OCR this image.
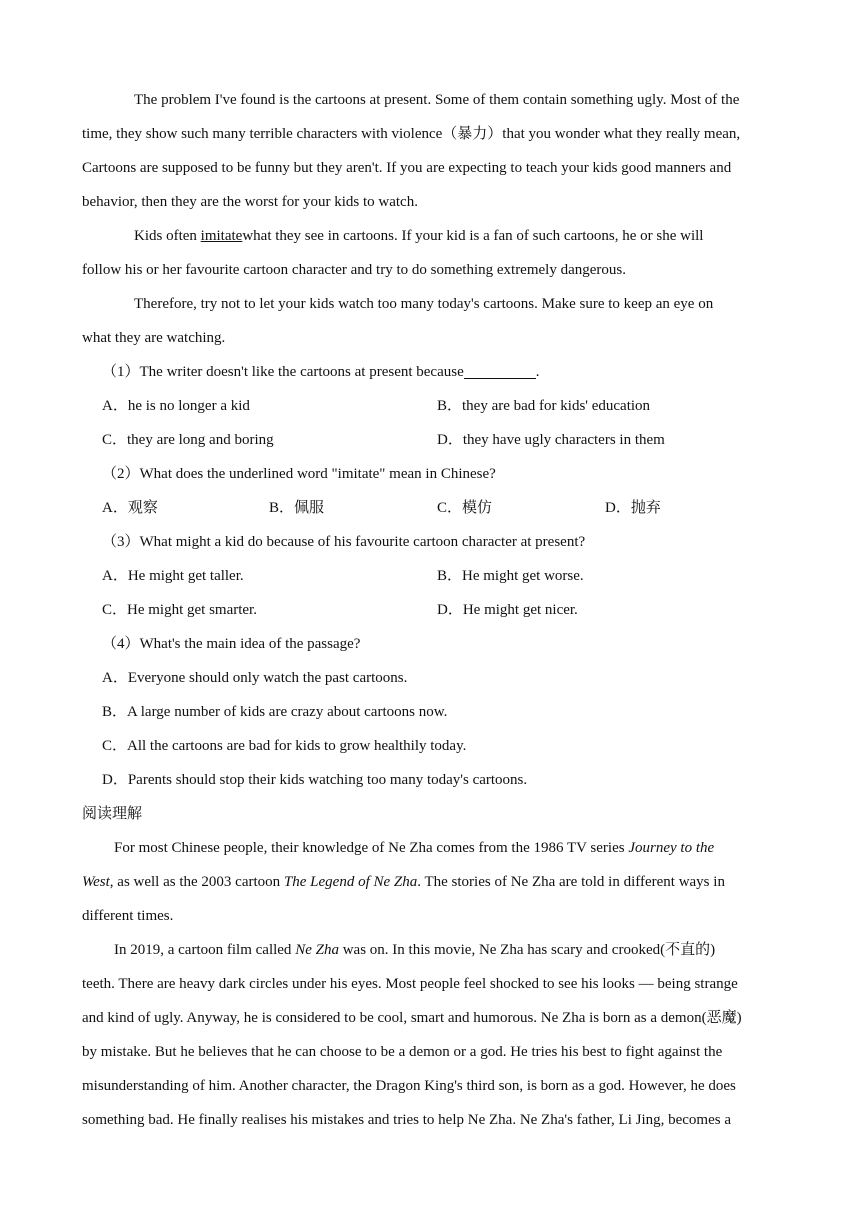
The problem I've found is the cartoons at present. Some of them contain something ugly. Most of the
time, they show such many terrible characters with violence（暴力）that you wonder what they really mean,
Cartoons are supposed to be funny but they aren't. If you are expecting to teach your kids good manners and
behavior, then they are the worst for your kids to watch.
Kids often imitatewhat they see in cartoons. If your kid is a fan of such cartoons, he or she will
follow his or her favourite cartoon character and try to do something extremely dangerous.
Therefore, try not to let your kids watch too many today's cartoons. Make sure to keep an eye on
what they are watching.
（1）The writer doesn't like the cartoons at present because	.
A．he is no longer a kid	B．they are bad for kids' education
C．they are long and boring	D．they have ugly characters in them
（2）What does the underlined word "imitate" mean in Chinese?
A．观察	B．佩服	C．模仿	D．抛弃
（3）What might a kid do because of his favourite cartoon character at present?
A．He might get taller.	B．He might get worse.
C．He might get smarter.	D．He might get nicer.
（4）What's the main idea of the passage?
A．Everyone should only watch the past cartoons.
B．A large number of kids are crazy about cartoons now.
C．All the cartoons are bad for kids to grow healthily today.
D．Parents should stop their kids watching too many today's cartoons.
阅读理解
For most Chinese people, their knowledge of Ne Zha comes from the 1986 TV series Journey to the
West, as well as the 2003 cartoon The Legend of Ne Zha. The stories of Ne Zha are told in different ways in
different times.
In 2019, a cartoon film called Ne Zha was on. In this movie, Ne Zha has scary and crooked(不直的)
teeth. There are heavy dark circles under his eyes. Most people feel shocked to see his looks — being strange
and kind of ugly. Anyway, he is considered to be cool, smart and humorous. Ne Zha is born as a demon(恶魔)
by mistake. But he believes that he can choose to be a demon or a god. He tries his best to fight against the
misunderstanding of him. Another character, the Dragon King's third son, is born as a god. However, he does
something bad. He finally realises his mistakes and tries to help Ne Zha. Ne Zha's father, Li Jing, becomes a
